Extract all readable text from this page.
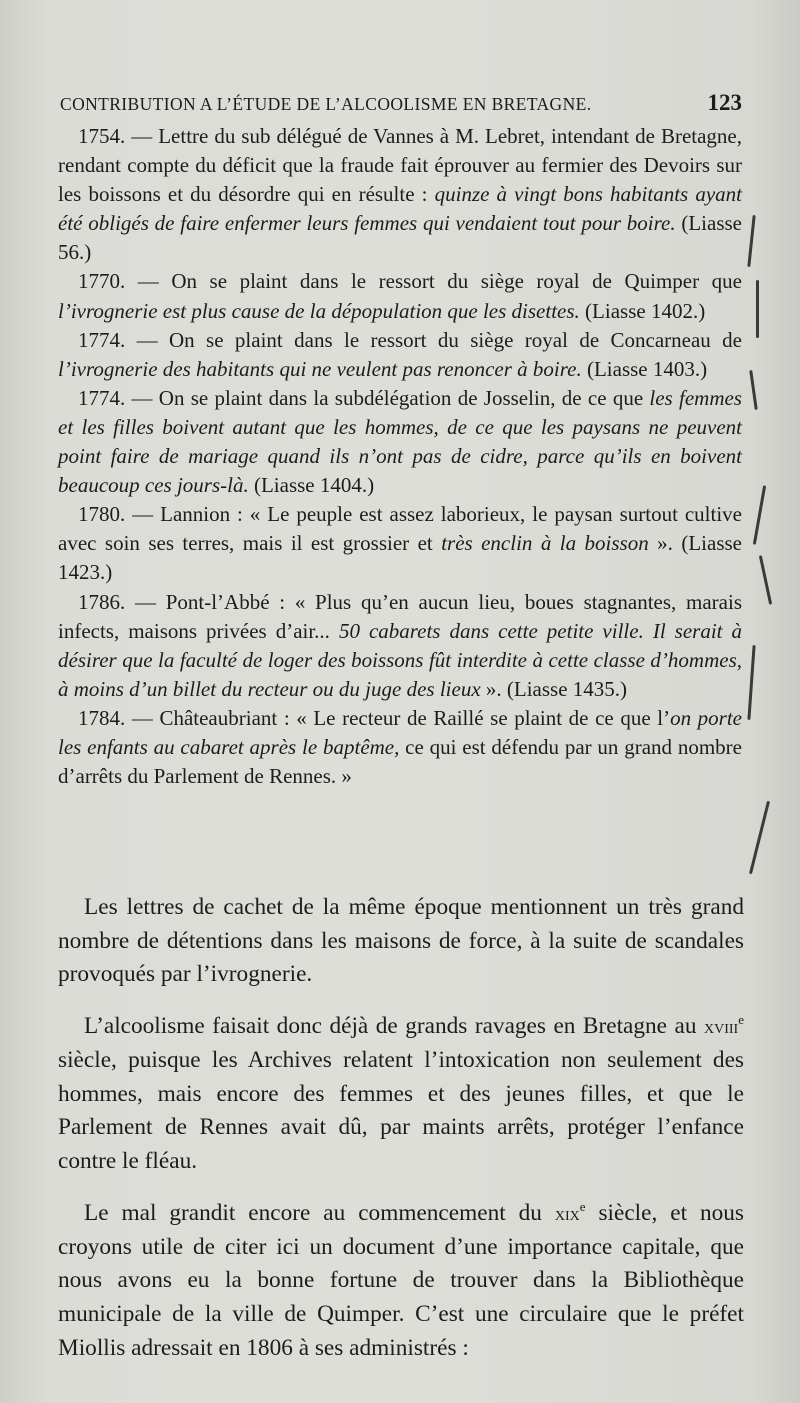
CONTRIBUTION A L’ÉTUDE DE L’ALCOOLISME EN BRETAGNE.	123

1754. — Lettre du sub délégué de Vannes à M. Lebret, intendant de Bretagne, rendant compte du déficit que la fraude fait éprouver au fermier des Devoirs sur les boissons et du désordre qui en résulte : quinze à vingt bons habitants ayant été obligés de faire enfermer leurs femmes qui vendaient tout pour boire. (Liasse 56.)

1770. — On se plaint dans le ressort du siège royal de Quimper que l’ivrognerie est plus cause de la dépopulation que les disettes. (Liasse 1402.)

1774. — On se plaint dans le ressort du siège royal de Concarneau de l’ivrognerie des habitants qui ne veulent pas renoncer à boire. (Liasse 1403.)

1774. — On se plaint dans la subdélégation de Josselin, de ce que les femmes et les filles boivent autant que les hommes, de ce que les paysans ne peuvent point faire de mariage quand ils n’ont pas de cidre, parce qu’ils en boivent beaucoup ces jours-là. (Liasse 1404.)

1780. — Lannion : « Le peuple est assez laborieux, le paysan surtout cultive avec soin ses terres, mais il est grossier et très enclin à la boisson ». (Liasse 1423.)

1786. — Pont-l’Abbé : « Plus qu’en aucun lieu, boues stagnantes, marais infects, maisons privées d’air... 50 cabarets dans cette petite ville. Il serait à désirer que la faculté de loger des boissons fût interdite à cette classe d’hommes, à moins d’un billet du recteur ou du juge des lieux ». (Liasse 1435.)

1784. — Châteaubriant : « Le recteur de Raillé se plaint de ce que l’on porte les enfants au cabaret après le baptême, ce qui est défendu par un grand nombre d’arrêts du Parlement de Rennes. »

Les lettres de cachet de la même époque mentionnent un très grand nombre de détentions dans les maisons de force, à la suite de scandales provoqués par l’ivrognerie.

L’alcoolisme faisait donc déjà de grands ravages en Bretagne au xviii$^e$ siècle, puisque les Archives relatent l’intoxication non seulement des hommes, mais encore des femmes et des jeunes filles, et que le Parlement de Rennes avait dû, par maints arrêts, protéger l’enfance contre le fléau.

Le mal grandit encore au commencement du xix$^e$ siècle, et nous croyons utile de citer ici un document d’une importance capitale, que nous avons eu la bonne fortune de trouver dans la Bibliothèque municipale de la ville de Quimper. C’est une circulaire que le préfet Miollis adressait en 1806 à ses administrés :
